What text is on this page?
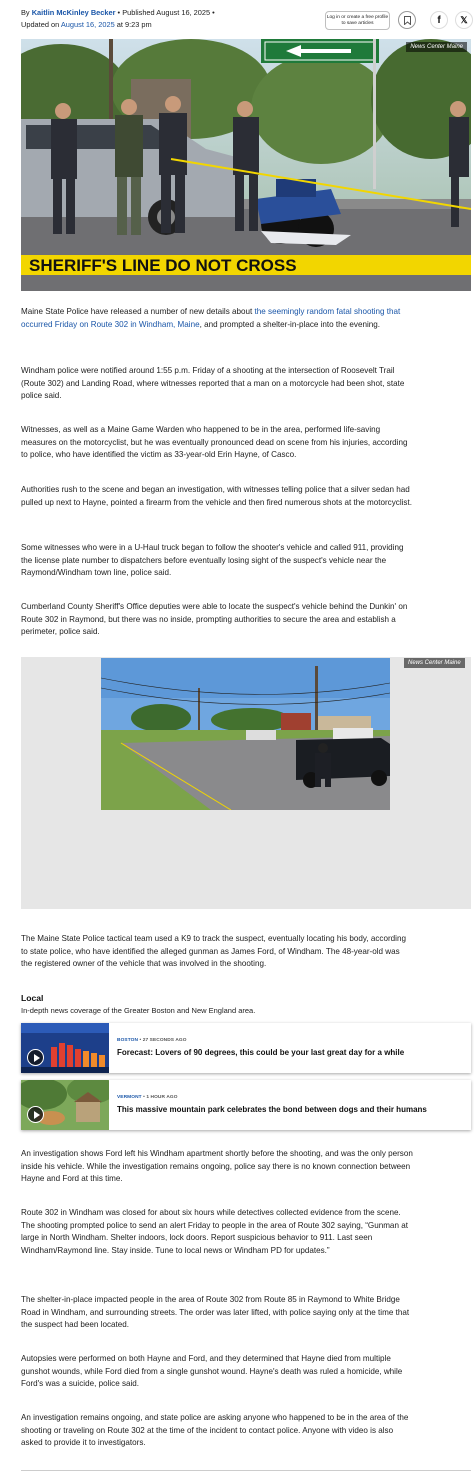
By Kaitlin McKinley Becker • Published August 16, 2025 •
Updated on August 16, 2025 at 9:23 pm
Log in or create a free profile to save articles	f	𝕏
SHERIFF'S LINE DO NOT CROSS
News Center Maine

Maine State Police have released a number of new details about the seemingly random fatal shooting that occurred Friday on Route 302 in Windham, Maine, and prompted a shelter-in-place into the evening.

Windham police were notified around 1:55 p.m. Friday of a shooting at the intersection of Roosevelt Trail (Route 302) and Landing Road, where witnesses reported that a man on a motorcycle had been shot, state police said.

Witnesses, as well as a Maine Game Warden who happened to be in the area, performed life-saving measures on the motorcyclist, but he was eventually pronounced dead on scene from his injuries, according to police, who have identified the victim as 33-year-old Erin Hayne, of Casco.

Authorities rush to the scene and began an investigation, with witnesses telling police that a silver sedan had pulled up next to Hayne, pointed a firearm from the vehicle and then fired numerous shots at the motorcyclist.

Some witnesses who were in a U-Haul truck began to follow the shooter's vehicle and called 911, providing the license plate number to dispatchers before eventually losing sight of the suspect's vehicle near the Raymond/Windham town line, police said.

Cumberland County Sheriff's Office deputies were able to locate the suspect's vehicle behind the Dunkin' on Route 302 in Raymond, but there was no inside, prompting authorities to secure the area and establish a perimeter, police said.

News Center Maine

The Maine State Police tactical team used a K9 to track the suspect, eventually locating his body, according to state police, who have identified the alleged gunman as James Ford, of Windham. The 48-year-old was the registered owner of the vehicle that was involved in the shooting.

Local
In-depth news coverage of the Greater Boston and New England area.
BOSTON • 27 SECONDS AGO
Forecast: Lovers of 90 degrees, this could be your last great day for a while
VERMONT • 1 HOUR AGO
This massive mountain park celebrates the bond between dogs and their humans

An investigation shows Ford left his Windham apartment shortly before the shooting, and was the only person inside his vehicle. While the investigation remains ongoing, police say there is no known connection between Hayne and Ford at this time.

Route 302 in Windham was closed for about six hours while detectives collected evidence from the scene. The shooting prompted police to send an alert Friday to people in the area of Route 302 saying, “Gunman at large in North Windham. Shelter indoors, lock doors. Report suspicious behavior to 911. Last seen Windham/Raymond line. Stay inside. Tune to local news or Windham PD for updates.”

The shelter-in-place impacted people in the area of Route 302 from Route 85 in Raymond to White Bridge Road in Windham, and surrounding streets. The order was later lifted, with police saying only at the time that the suspect had been located.

Autopsies were performed on both Hayne and Ford, and they determined that Hayne died from multiple gunshot wounds, while Ford died from a single gunshot wound. Hayne's death was ruled a homicide, while Ford's was a suicide, police said.

An investigation remains ongoing, and state police are asking anyone who happened to be in the area of the shooting or traveling on Route 302 at the time of the incident to contact police. Anyone with video is also asked to provide it to investigators.
